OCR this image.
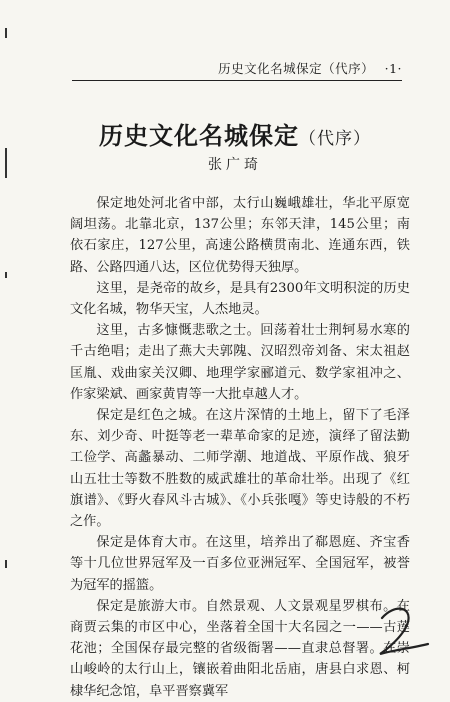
历史文化名城保定（代序） ·1·
历史文化名城保定（代序）
张广琦

保定地处河北省中部，太行山巍峨雄壮，华北平原宽阔坦荡。北靠北京，137公里；东邻天津，145公里；南依石家庄，127公里，高速公路横贯南北、连通东西，铁路、公路四通八达，区位优势得天独厚。

这里，是尧帝的故乡，是具有2300年文明积淀的历史文化名城，物华天宝，人杰地灵。

这里，古多慷慨悲歌之士。回荡着壮士荆轲易水寒的千古绝唱；走出了燕大夫郭隗、汉昭烈帝刘备、宋太祖赵匡胤、戏曲家关汉卿、地理学家郦道元、数学家祖冲之、作家梁斌、画家黄胄等一大批卓越人才。

保定是红色之城。在这片深情的土地上，留下了毛泽东、刘少奇、叶挺等老一辈革命家的足迹，演绎了留法勤工俭学、高蠡暴动、二师学潮、地道战、平原作战、狼牙山五壮士等数不胜数的威武雄壮的革命壮举。出现了《红旗谱》、《野火春风斗古城》、《小兵张嘎》等史诗般的不朽之作。

保定是体育大市。在这里，培养出了郗恩庭、齐宝香等十几位世界冠军及一百多位亚洲冠军、全国冠军，被誉为冠军的摇篮。

保定是旅游大市。自然景观、人文景观星罗棋布。在商贾云集的市区中心，坐落着全国十大名园之一——古莲花池；全国保存最完整的省级衙署——直隶总督署。在崇山峻岭的太行山上，镶嵌着曲阳北岳庙，唐县白求恩、柯棣华纪念馆，阜平晋察冀军
